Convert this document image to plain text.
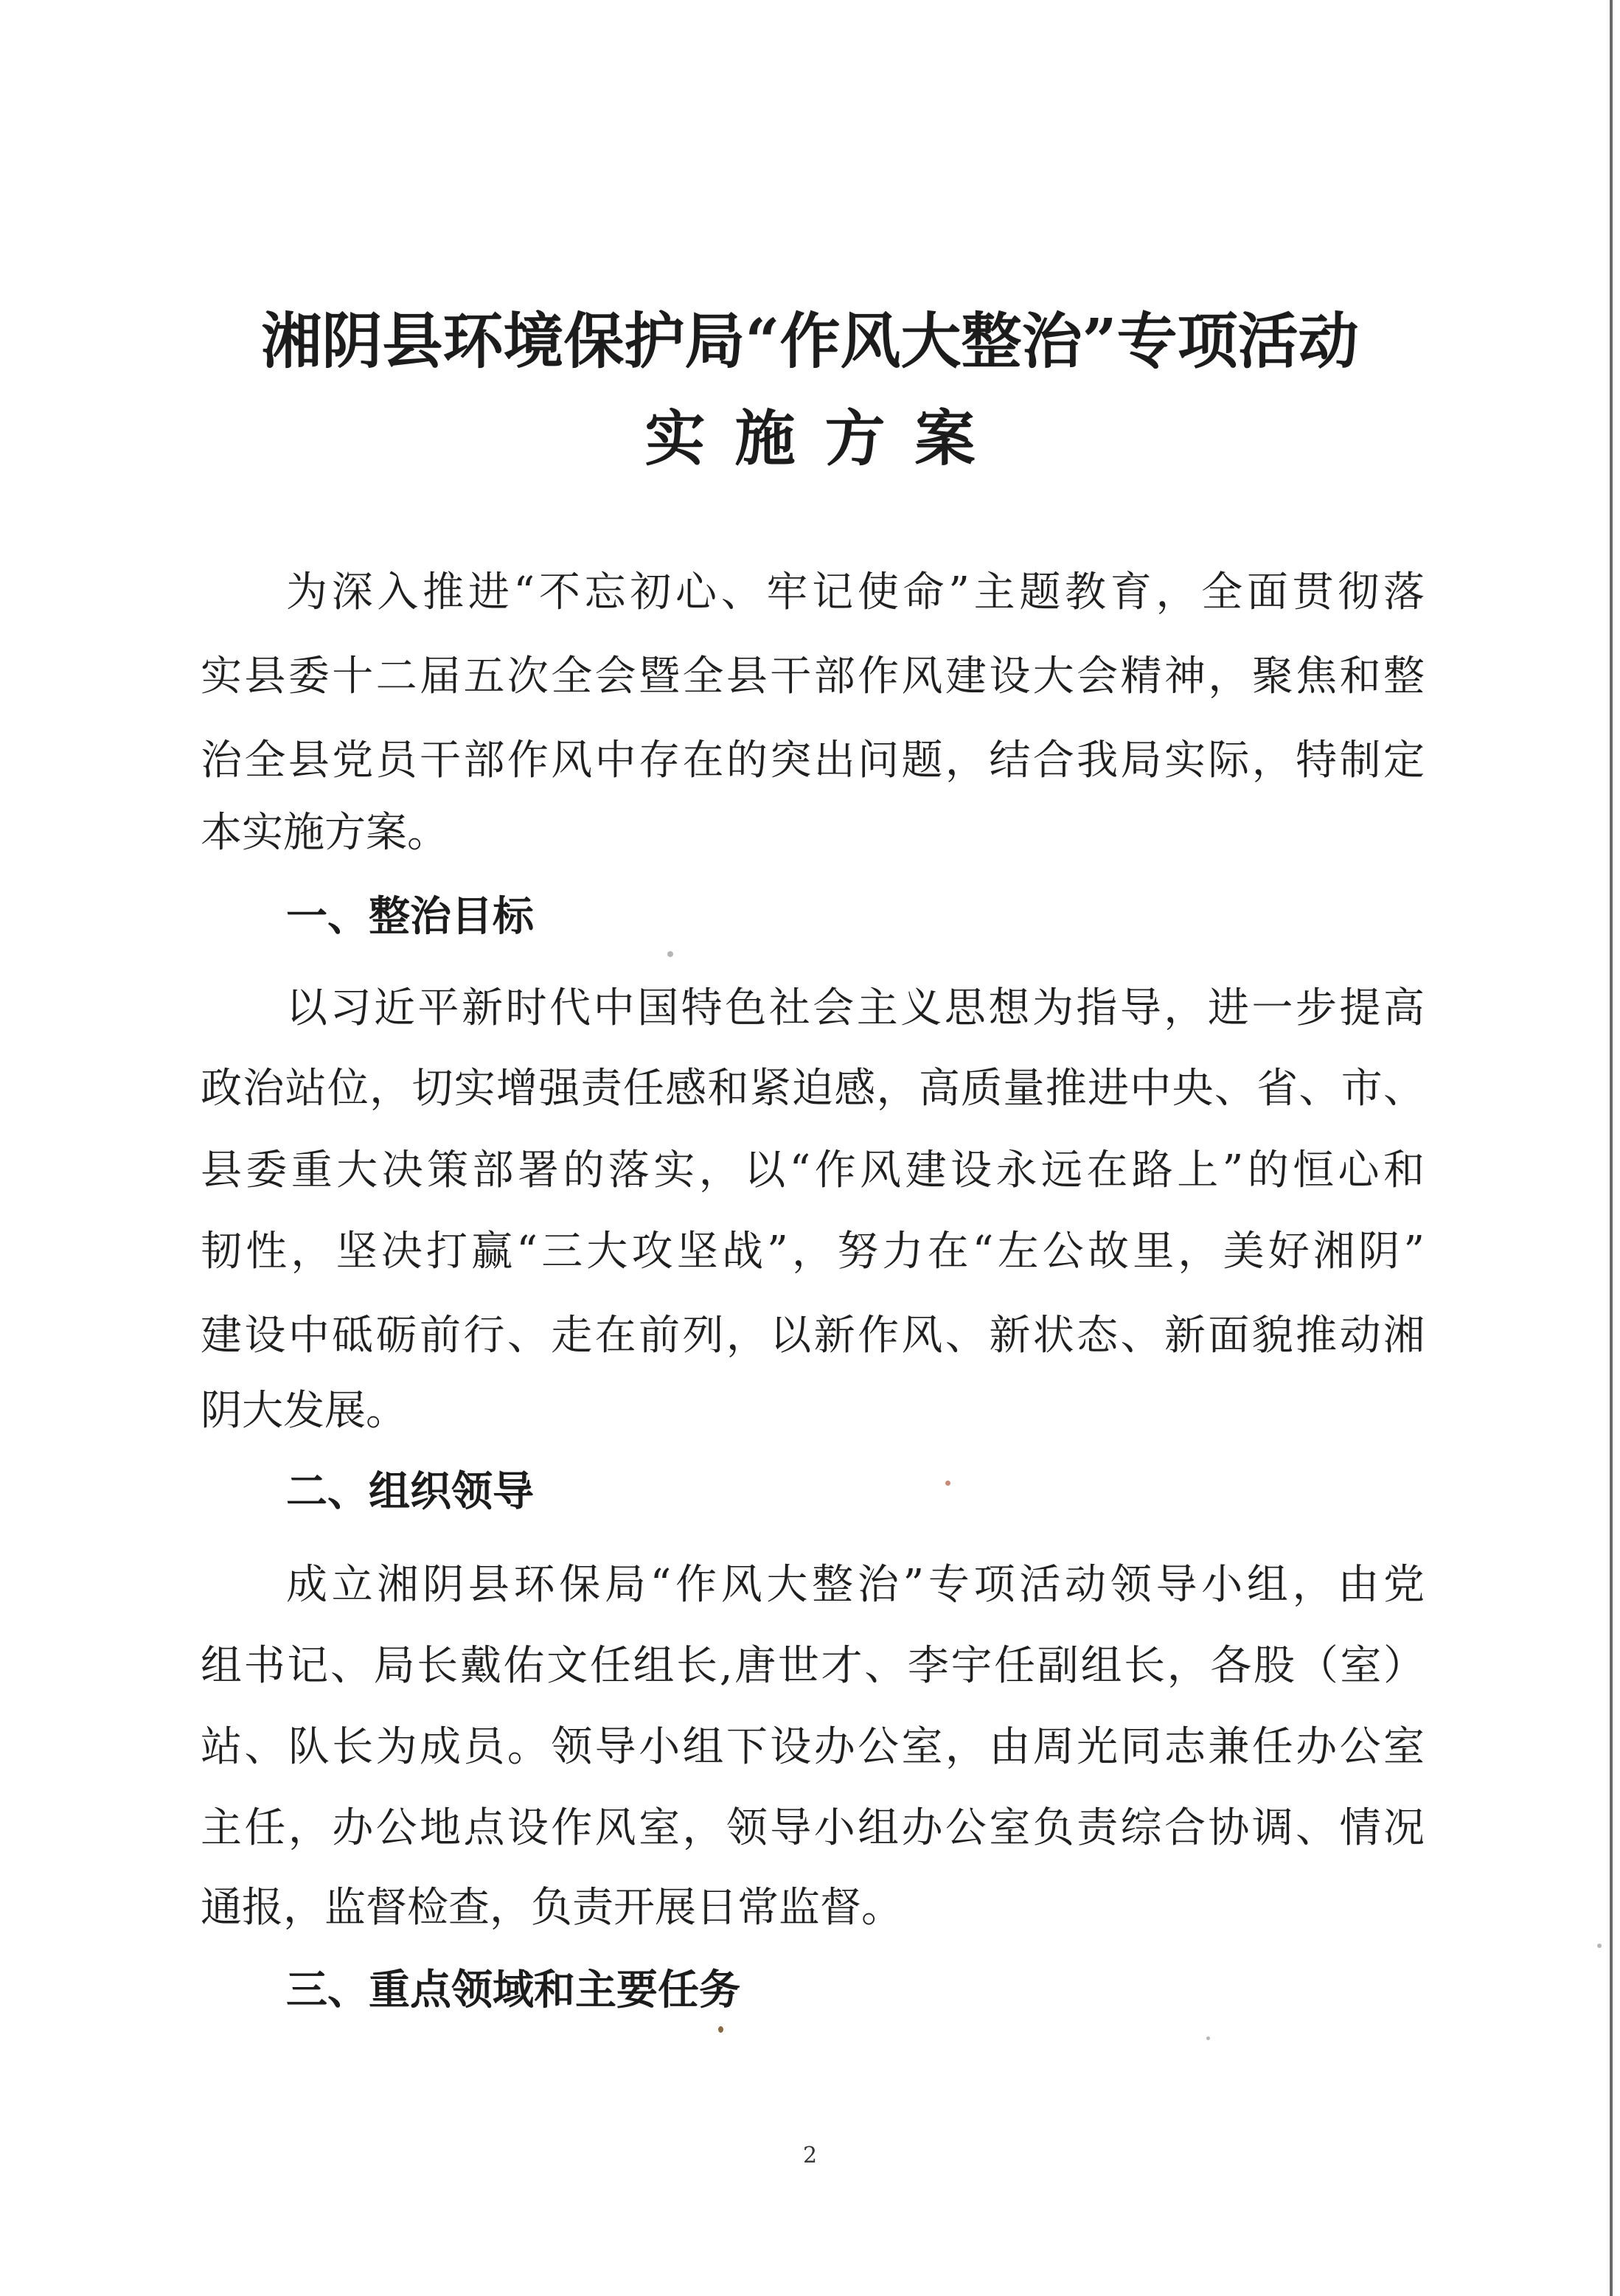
湘阴县环境保护局“作风大整治”专项活动
实施方案
为深入推进“不忘初心、牢记使命”主题教育，全面贯彻落
实县委十二届五次全会暨全县干部作风建设大会精神，聚焦和整
治全县党员干部作风中存在的突出问题，结合我局实际，特制定
本实施方案。
一、整治目标
以习近平新时代中国特色社会主义思想为指导，进一步提高
政治站位，切实增强责任感和紧迫感，高质量推进中央、省、市、
县委重大决策部署的落实，以“作风建设永远在路上”的恒心和
韧性，坚决打赢“三大攻坚战”，努力在“左公故里，美好湘阴”
建设中砥砺前行、走在前列，以新作风、新状态、新面貌推动湘
阴大发展。
二、组织领导
成立湘阴县环保局“作风大整治”专项活动领导小组，由党
组书记、局长戴佑文任组长,唐世才、李宇任副组长，各股（室）
站、队长为成员。领导小组下设办公室，由周光同志兼任办公室
主任，办公地点设作风室，领导小组办公室负责综合协调、情况
通报，监督检查，负责开展日常监督。
三、重点领域和主要任务
2
